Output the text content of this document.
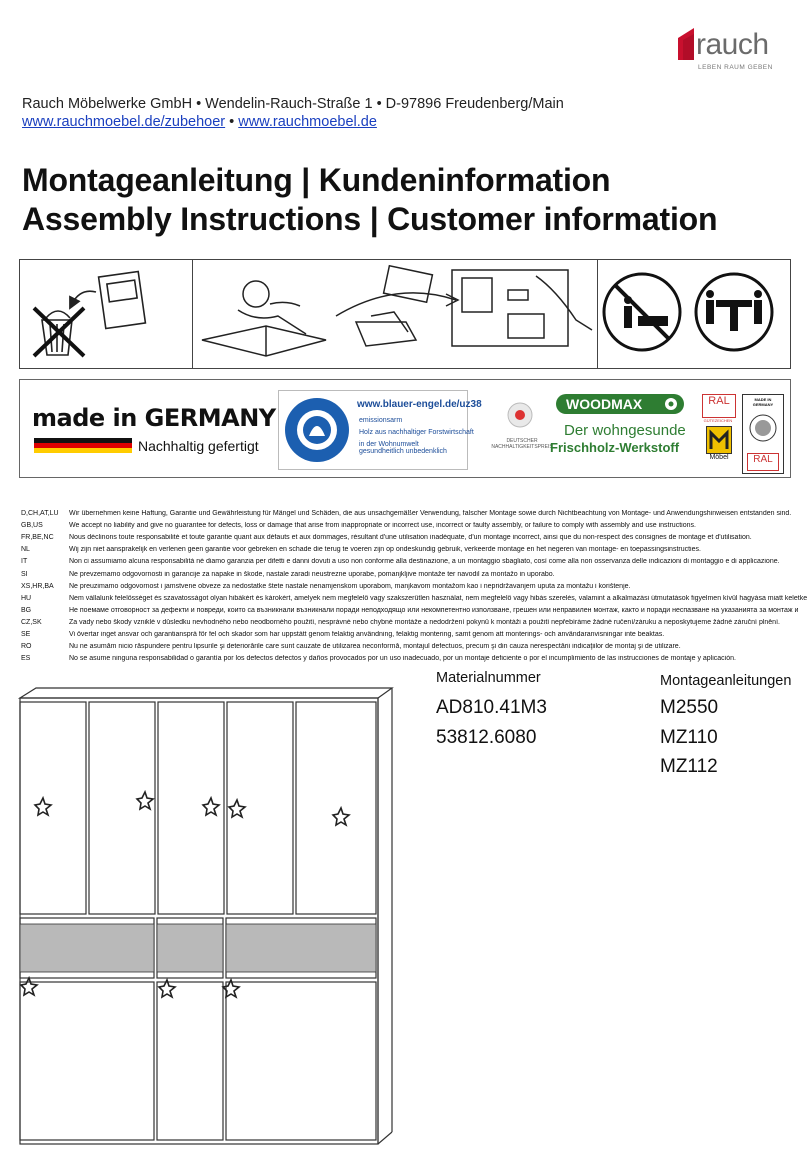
rauch
LEBEN RAUM GEBEN
Rauch Möbelwerke GmbH • Wendelin-Rauch-Straße 1 • D-97896 Freudenberg/Main
www.rauchmoebel.de/zubehoer • www.rauchmoebel.de
Montageanleitung | Kundeninformation
Assembly Instructions | Customer information
made in GERMANY
Nachhaltig gefertigt
www.blauer-engel.de/uz38
emissionsarm
Holz aus nachhaltiger Forstwirtschaft
in der Wohnumwelt gesundheitlich unbedenklich
DEUTSCHER NACHHALTIGKEITSPREIS
WOODMAX
Der wohngesunde
Frischholz-Werkstoff
RAL
GÜTEZEICHEN
Möbel
MADE IN GERMANY
RAL
D,CH,AT,LU	Wir übernehmen keine Haftung, Garantie und Gewährleistung für Mängel und Schäden, die aus unsachgemäßer Verwendung, falscher Montage sowie durch Nichtbeachtung von Montage- und Anwendungshinweisen entstanden sind.
GB,US	We accept no liability and give no guarantee for defects, loss or damage that arise from inappropriate or incorrect use, incorrect or faulty assembly, or failure to comply with assembly and use instructions.
FR,BE,NC	Nous déclinons toute responsabilité et toute garantie quant aux défauts et aux dommages, résultant d'une utilisation inadéquate, d'un montage incorrect, ainsi que du non-respect des consignes de montage et d'utilisation.
NL	Wij zijn niet aansprakelijk en verlenen geen garantie voor gebreken en schade die terug te voeren zijn op ondeskundig gebruik, verkeerde montage en het negeren van montage- en toepassingsinstructies.
IT	Non ci assumiamo alcuna responsabilità né diamo garanzia per difetti e danni dovuti a uso non conforme alla destinazione, a un montaggio sbagliato, così come alla non osservanza delle indicazioni di montaggio e di applicazione.
SI	Ne prevzemamo odgovornosti in garancije za napake in škode, nastale zaradi neustrezne uporabe, pomanjkljive montaže ter navodil za montažo in uporabo.
XS,HR,BA	Ne preuzimamo odgovornost i jamstvene obveze za nedostatke štete nastale nenamjenskom uporabom, manjkavom montažom kao i nepridržavanjem uputa za montažu i korištenje.
HU	Nem vállalunk felelősséget és szavatosságot olyan hibákért és károkért, amelyek nem megfelelő vagy szakszerűtlen használat, nem megfelelő vagy hibás szerelés, valamint a alkalmazási útmutatások figyelmen kívül hagyása miatt keletke
BG	Не поемаме отговорност за дефекти и повреди, които са възникнали възникнали поради неподходящо или некомпетентно използване, грешен или неправилен монтаж, както и поради неспазване на указанията за монтаж и
CZ,SK	Za vady nebo škody vzniklé v důsledku nevhodného nebo neodborného použití, nesprávné nebo chybné montáže a nedodržení pokynů k montáži a použití nepřebíráme žádné ručení/záruku a neposkytujeme žádné záruční plnění.
SE	Vi övertar inget ansvar och garantiansprå för fel och skador som har uppstått genom felaktig användning, felaktig montering, samt genom att monterings- och användaranvisningar inte beaktas.
RO	Nu ne asumăm nicio răspundere pentru lipsurile şi deteriorările care sunt cauzate de utilizarea neconformă, montajul defectuos, precum şi din cauza nerespectării indicaţiilor de montaj şi de utilizare.
ES	No se asume ninguna responsabilidad o garantía por los defectos defectos y daños provocados por un uso inadecuado, por un montaje deficiente o por el incumplimiento de las instrucciones de montaje y aplicación.
Materialnummer
AD810.41M3
53812.6080
Montageanleitungen
M2550
MZ110
MZ112
